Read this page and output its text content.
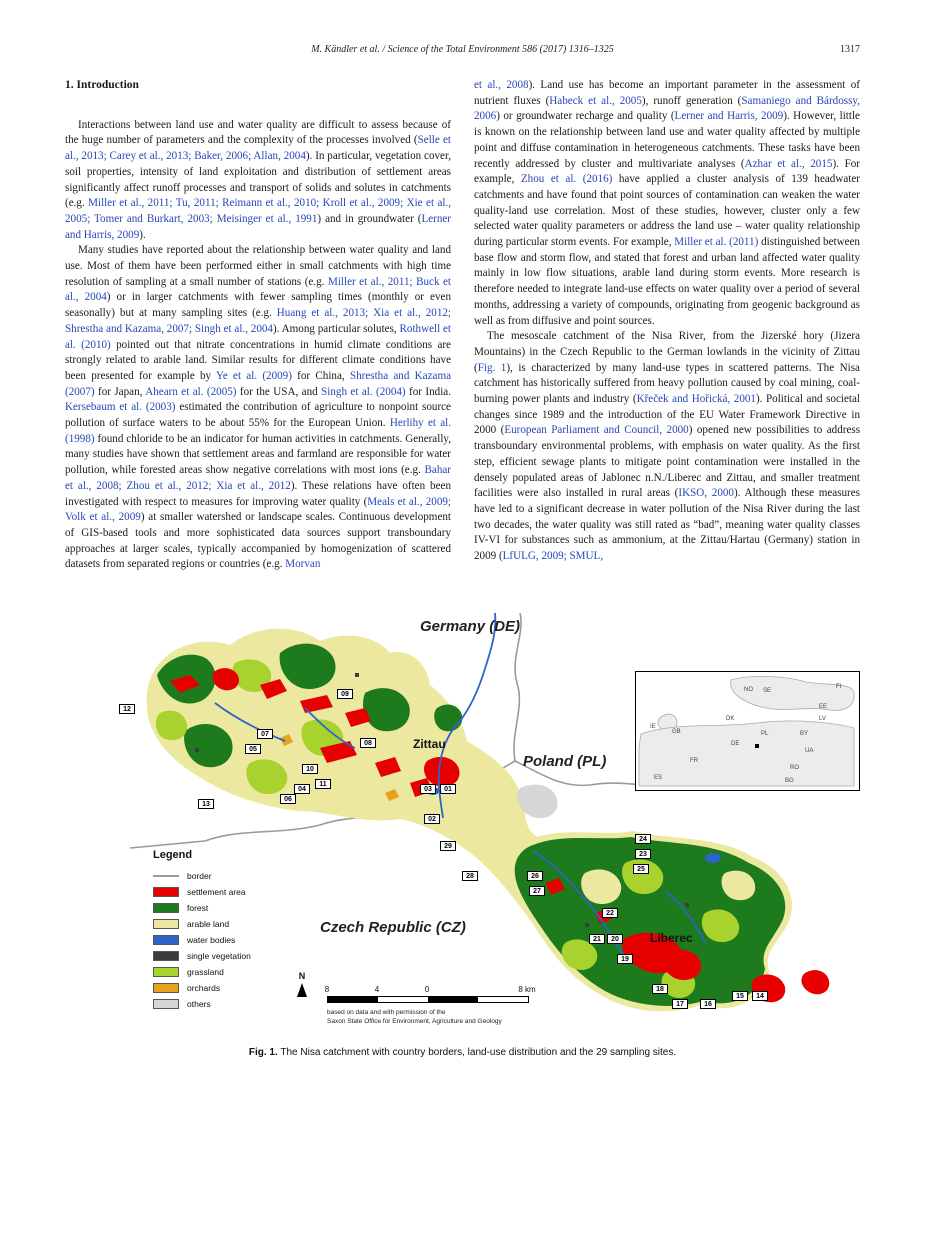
M. Kändler et al. / Science of the Total Environment 586 (2017) 1316–1325	1317
1. Introduction

Interactions between land use and water quality are difficult to assess because of the huge number of parameters and the complexity of the processes involved (Selle et al., 2013; Carey et al., 2013; Baker, 2006; Allan, 2004). In particular, vegetation cover, soil properties, intensity of land exploitation and distribution of settlement areas significantly affect runoff processes and transport of solids and solutes in catchments (e.g. Miller et al., 2011; Tu, 2011; Reimann et al., 2010; Kroll et al., 2009; Xie et al., 2005; Tomer and Burkart, 2003; Meisinger et al., 1991) and in groundwater (Lerner and Harris, 2009).

Many studies have reported about the relationship between water quality and land use. Most of them have been performed either in small catchments with high time resolution of sampling at a small number of stations (e.g. Miller et al., 2011; Buck et al., 2004) or in larger catchments with fewer sampling times (monthly or even seasonally) but at many sampling sites (e.g. Huang et al., 2013; Xia et al., 2012; Shrestha and Kazama, 2007; Singh et al., 2004). Among particular solutes, Rothwell et al. (2010) pointed out that nitrate concentrations in humid climate conditions are strongly related to arable land. Similar results for different climate conditions have been presented for example by Ye et al. (2009) for China, Shrestha and Kazama (2007) for Japan, Ahearn et al. (2005) for the USA, and Singh et al. (2004) for India. Kersebaum et al. (2003) estimated the contribution of agriculture to nonpoint source pollution of surface waters to be about 55% for the European Union. Herlihy et al. (1998) found chloride to be an indicator for human activities in catchments. Generally, many studies have shown that settlement areas and farmland are responsible for water pollution, while forested areas show negative correlations with most ions (e.g. Bahar et al., 2008; Zhou et al., 2012; Xia et al., 2012). These relations have often been investigated with respect to measures for improving water quality (Meals et al., 2009; Volk et al., 2009) at smaller watershed or landscape scales. Continuous development of GIS-based tools and more sophisticated data sources support transboundary approaches at larger scales, typically accompanied by homogenization of scattered datasets from separated regions or countries (e.g. Morvan

et al., 2008). Land use has become an important parameter in the assessment of nutrient fluxes (Habeck et al., 2005), runoff generation (Samaniego and Bárdossy, 2006) or groundwater recharge and quality (Lerner and Harris, 2009). However, little is known on the relationship between land use and water quality affected by multiple point and diffuse contamination in heterogeneous catchments. These tasks have been recently addressed by cluster and multivariate analyses (Azhar et al., 2015). For example, Zhou et al. (2016) have applied a cluster analysis of 139 headwater catchments and have found that point sources of contamination can weaken the water quality-land use correlation. Most of these studies, however, cluster only a few selected water quality parameters or address the land use – water quality relationship during particular storm events. For example, Miller et al. (2011) distinguished between base flow and storm flow, and stated that forest and urban land affected water quality mainly in low flow situations, arable land during storm events. More research is therefore needed to integrate land-use effects on water quality over a period of several months, addressing a variety of compounds, originating from geogenic background as well as from diffusive and point sources.

The mesoscale catchment of the Nisa River, from the Jizerské hory (Jizera Mountains) in the Czech Republic to the German lowlands in the vicinity of Zittau (Fig. 1), is characterized by many land-use types in scattered patterns. The Nisa catchment has historically suffered from heavy pollution caused by coal mining, coal-burning power plants and industry (Křeček and Hořická, 2001). Political and societal changes since 1989 and the introduction of the EU Water Framework Directive in 2000 (European Parliament and Council, 2000) opened new possibilities to address transboundary environmental problems, with emphasis on water quality. As the first step, efficient sewage plants to mitigate point contamination were installed in the densely populated areas of Jablonec n.N./Liberec and Zittau, and smaller treatment facilities were also installed in rural areas (IKSO, 2000). Although these measures have led to a significant decrease in water pollution of the Nisa River during the last two decades, the water quality was still rated as “bad”, meaning water quality classes IV-VI for substances such as ammonium, at the Zittau/Hartau (Germany) station in 2009 (LfULG, 2009; SMUL,

Germany (DE)
Zittau
Poland (PL)
Czech Republic (CZ)
Liberec
01
02
03
04
05
06
07
08
09
10
11
12
13
14
15
16
17
18
19
20
21
22
23
24
25
26
27
28
29
Legend
border
settlement area
forest
arable land
water bodies
single vegetation
grassland
orchards
others
N
8	4	0	8 km
based on data and with permission of the
Saxon State Office for Environment, Agriculture and Geology
FI
NO SE
EE
DK	LV
IE
GB	PL	BY
DE
UA
FR
RO
ES	BG
Fig. 1. The Nisa catchment with country borders, land-use distribution and the 29 sampling sites.
